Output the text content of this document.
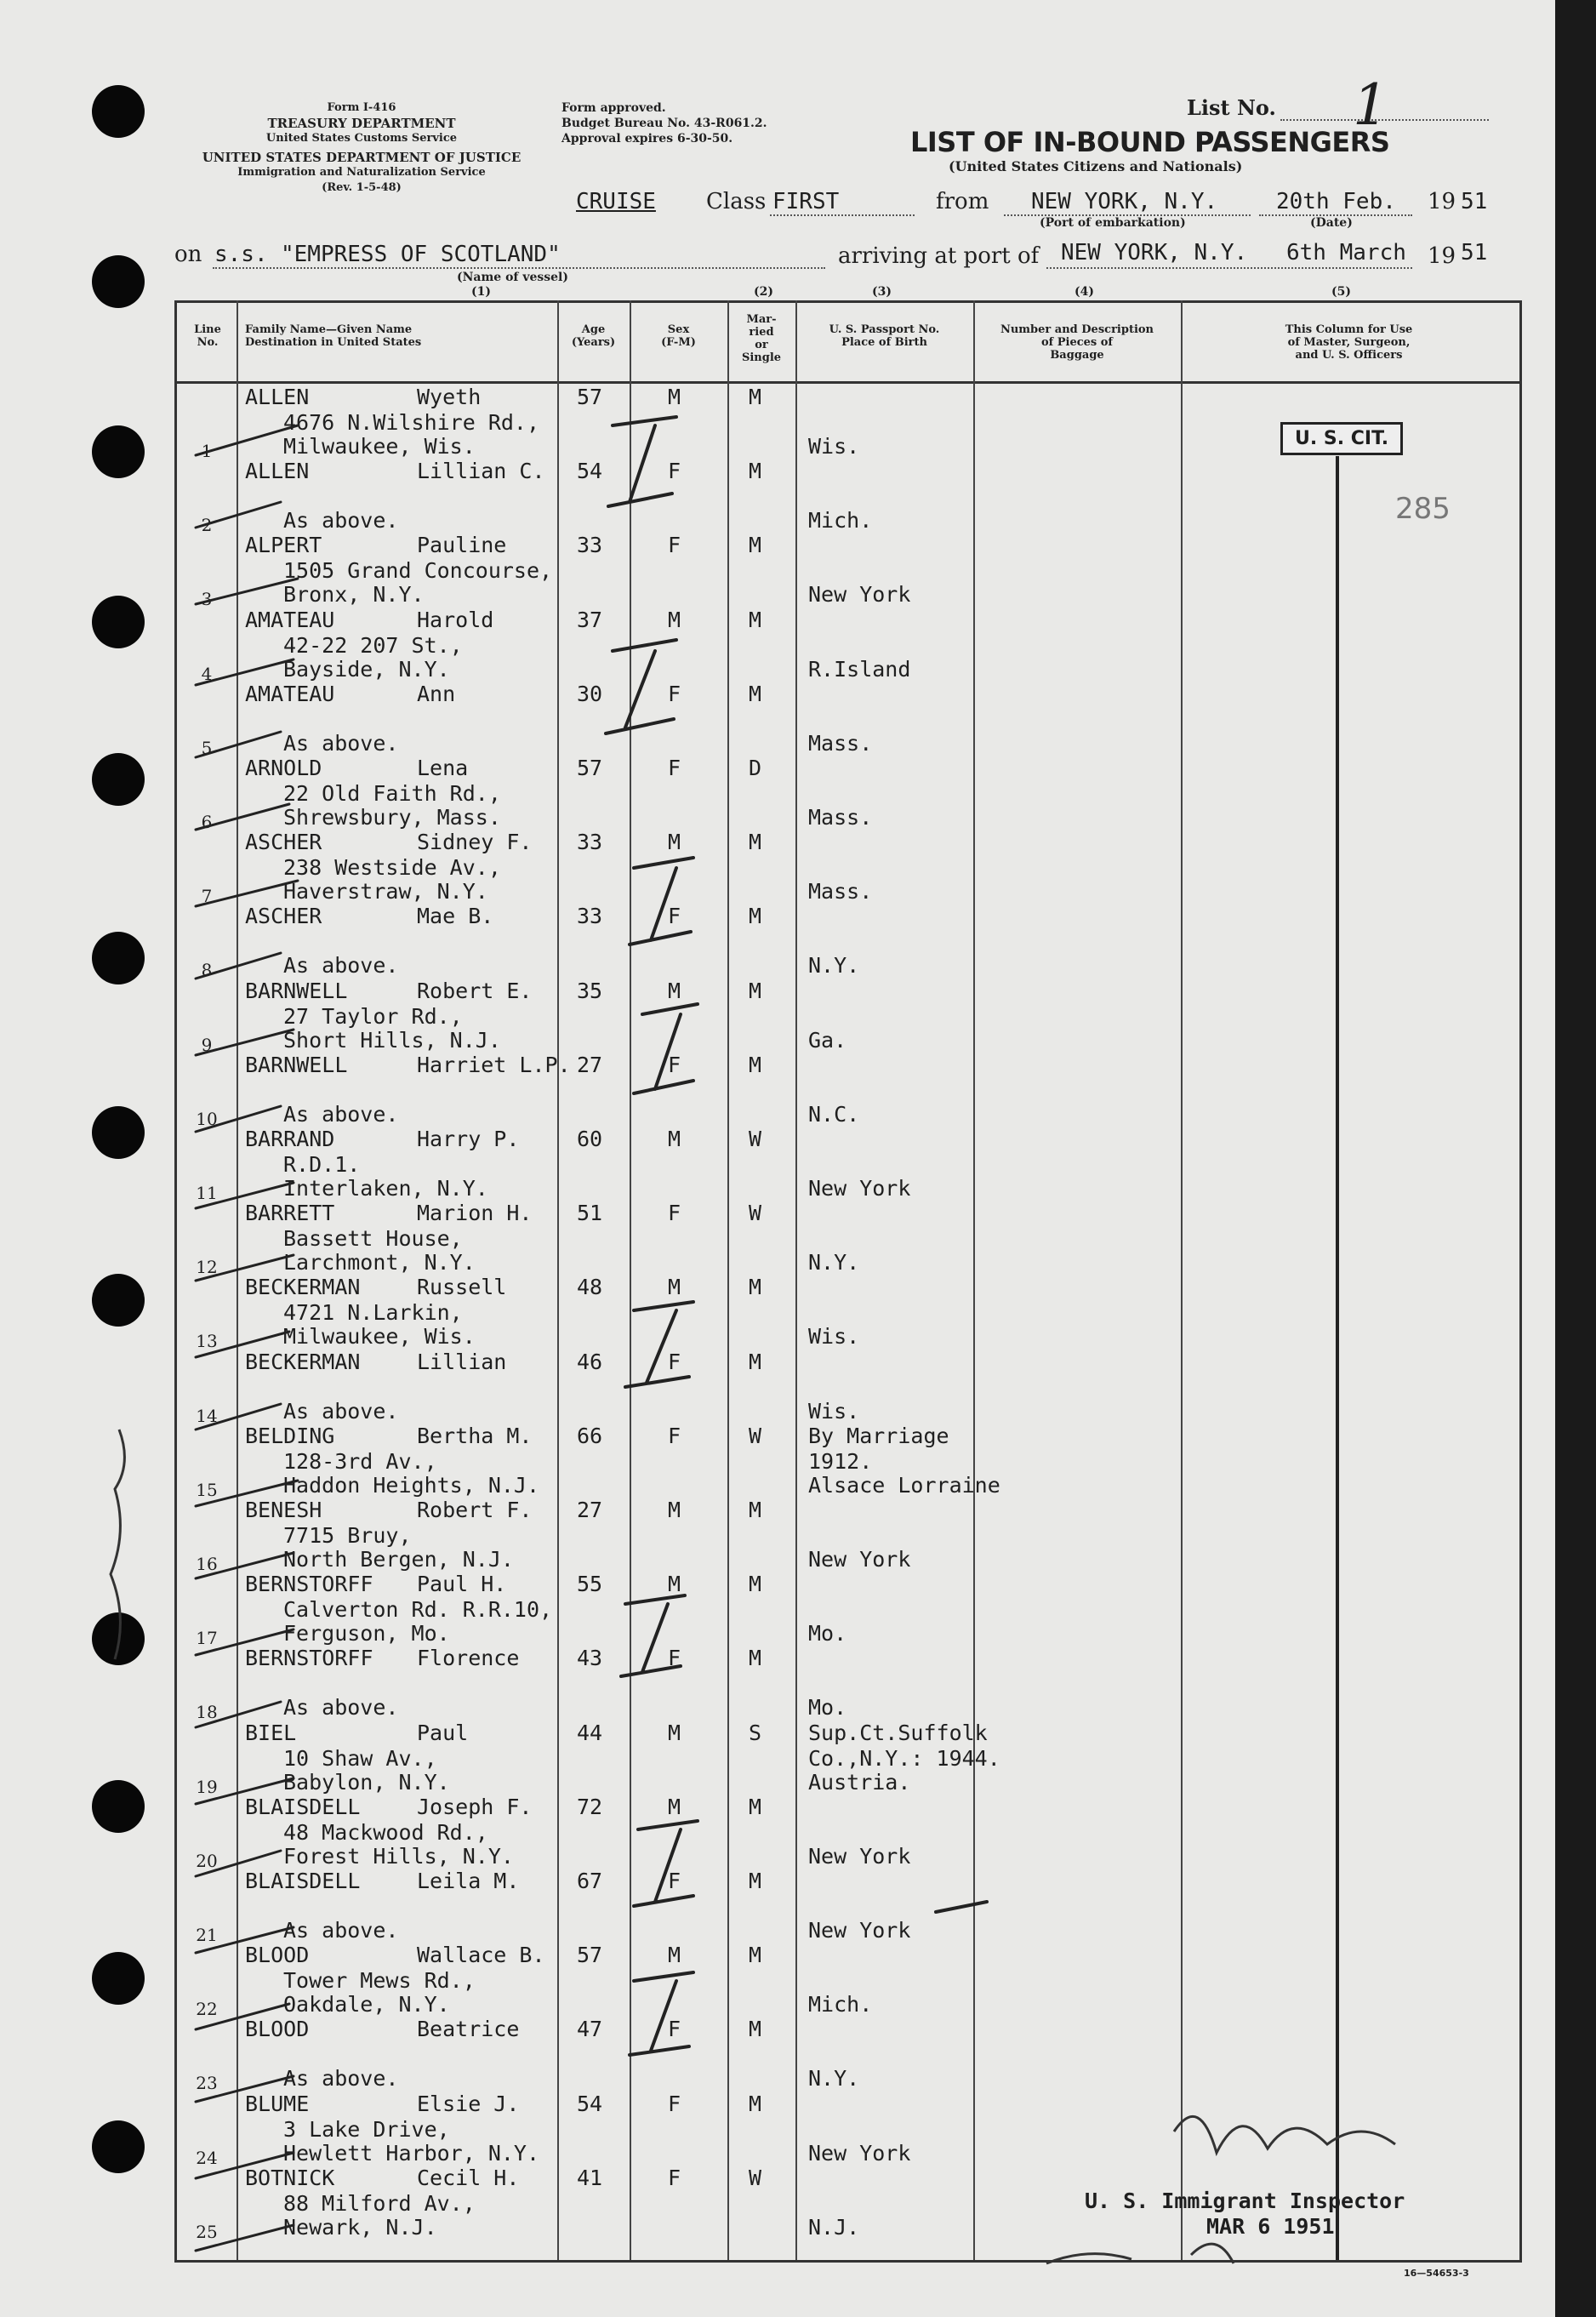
Form I-416
TREASURY DEPARTMENT
United States Customs Service
UNITED STATES DEPARTMENT OF JUSTICE
Immigration and Naturalization Service
(Rev. 1-5-48)
Form approved.
Budget Bureau No. 43-R061.2.
Approval expires 6-30-50.
List No. 1
LIST OF IN-BOUND PASSENGERS
(United States Citizens and Nationals)
CRUISE Class FIRST	from NEW YORK, N.Y.
(Port of embarkation)
20th Feb.
(Date)
19 51
on s.s. "EMPRESS OF SCOTLAND"
(Name of vessel)
arriving at port of NEW YORK, N.Y. 6th March 19 51
(1)	(2)	(3)	(4)	(5)
Line
No.
Family Name—Given Name
Destination in United States
Age
(Years)
Sex
(F-M)
Mar-
ried
or
Single
U. S. Passport No.
Place of Birth
Number and Description
of Pieces of
Baggage
This Column for Use
of Master, Surgeon,
and U. S. Officers
1
ALLEN	Wyeth
4676 N.Wilshire Rd.,
Milwaukee, Wis.
57	M	M
Wis.
2
ALLEN	Lillian C.
As above.
54	F	M
Mich.
3
ALPERT	Pauline
1505 Grand Concourse,
Bronx, N.Y.
33	F	M
New York
4
AMATEAU	Harold
42-22 207 St.,
Bayside, N.Y.
37	M	M
R.Island
5
AMATEAU	Ann
As above.
30	F	M
Mass.
6
ARNOLD	Lena
22 Old Faith Rd.,
Shrewsbury, Mass.
57	F	D
Mass.
7
ASCHER	Sidney F.
238 Westside Av.,
Haverstraw, N.Y.
33	M	M
Mass.
8
ASCHER	Mae B.
As above.
33	F	M
N.Y.
9
BARNWELL	Robert E.
27 Taylor Rd.,
Short Hills, N.J.
35	M	M
Ga.
10
BARNWELL	Harriet L.P.
As above.
27	F	M
N.C.
11
BARRAND	Harry P.
R.D.1.
Interlaken, N.Y.
60	M	W
New York
12
BARRETT	Marion H.
Bassett House,
Larchmont, N.Y.
51	F	W
N.Y.
13
BECKERMAN	Russell
4721 N.Larkin,
Milwaukee, Wis.
48	M	M
Wis.
14
BECKERMAN	Lillian
As above.
46	F	M
Wis.
15
BELDING	Bertha M.
128-3rd Av.,
Haddon Heights, N.J.
66	F	W By Marriage
1912.
Alsace Lorraine
16
BENESH	Robert F.
7715 Bruy,
North Bergen, N.J.
27	M	M
New York
17
BERNSTORFF Paul H.
Calverton Rd. R.R.10,
Ferguson, Mo.
55	M	M
Mo.
18
BERNSTORFF Florence
As above.
43	F	M
Mo.
19
BIEL	Paul
10 Shaw Av.,
Babylon, N.Y.
44	M	S Sup.Ct.Suffolk
Co.,N.Y.: 1944.
Austria.
20
BLAISDELL	Joseph F.
48 Mackwood Rd.,
Forest Hills, N.Y.
72	M	M
New York
21
BLAISDELL	Leila M.
As above.
67	F	M
New York
22
BLOOD	Wallace B.
Tower Mews Rd.,
Oakdale, N.Y.
57	M	M
Mich.
23
BLOOD	Beatrice
As above.
47	F	M
N.Y.
24
BLUME	Elsie J.
3 Lake Drive,
Hewlett Harbor, N.Y.
54	F	M
New York
25
BOTNICK	Cecil H.
88 Milford Av.,
Newark, N.J.
41	F	W
N.J.
U. S. CIT.
285
U. S. Immigrant Inspector
MAR 6 1951
16—54653-3
